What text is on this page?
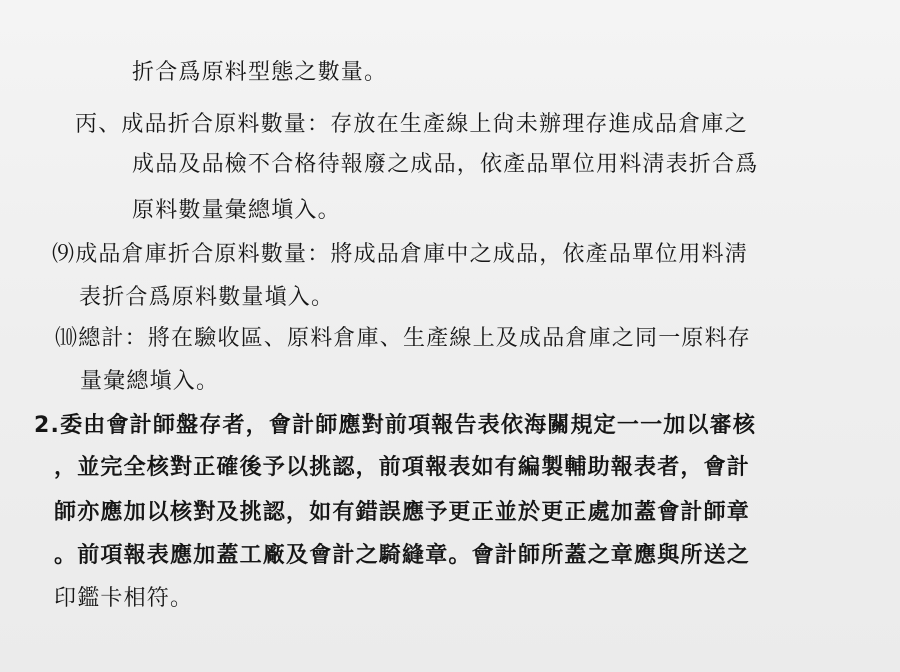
折合爲原料型態之數量。
丙、成品折合原料數量：存放在生產線上尙未辦理存進成品倉庫之
成品及品檢不合格待報廢之成品，依產品單位用料淸表折合爲
原料數量彙總塡入。
⑼成品倉庫折合原料數量：將成品倉庫中之成品，依產品單位用料淸
表折合爲原料數量塡入。
⑽總計：將在驗收區、原料倉庫、生產線上及成品倉庫之同一原料存
量彙總塡入。
2.委由會計師盤存者，會計師應對前項報告表依海關規定一一加以審核
，並完全核對正確後予以挑認，前項報表如有編製輔助報表者，會計
師亦應加以核對及挑認，如有錯誤應予更正並於更正處加蓋會計師章
。前項報表應加蓋工廠及會計之騎縫章。會計師所蓋之章應與所送之
印鑑卡相符。
